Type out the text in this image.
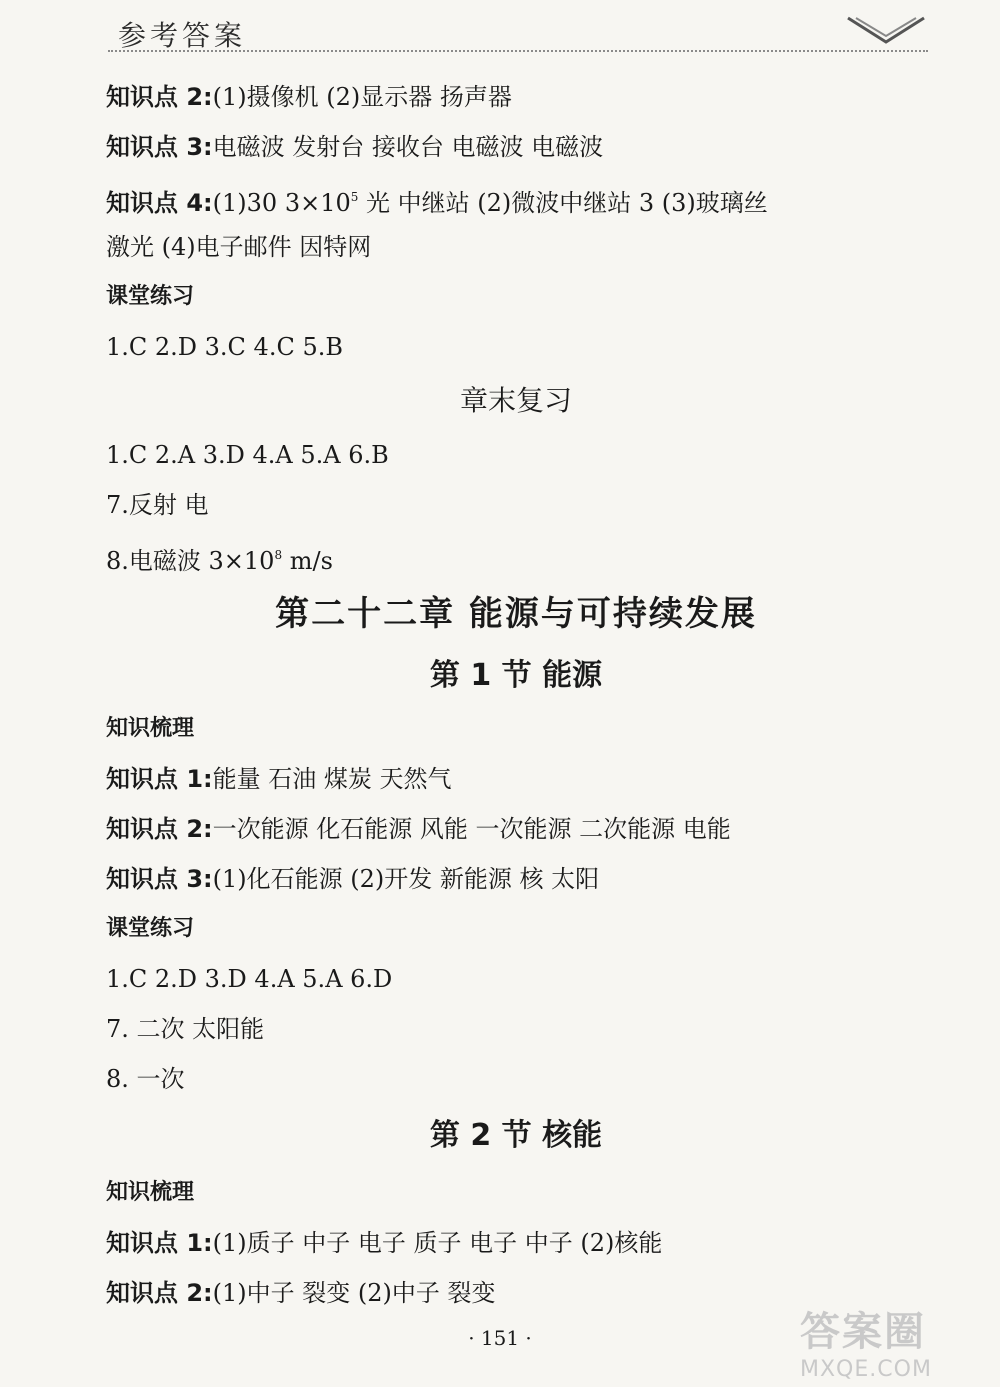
参考答案
知识点 2:(1)摄像机 (2)显示器 扬声器
知识点 3:电磁波 发射台 接收台 电磁波 电磁波
知识点 4:(1)30 $3\times 10^5$ 光 中继站 (2)微波中继站 3 (3)玻璃丝
激光 (4)电子邮件 因特网
课堂练习
1.C 2.D 3.C 4.C 5.B
章末复习
1.C 2.A 3.D 4.A 5.A 6.B
7.反射 电
8.电磁波 $3\times 10^8$ m/s
第二十二章 能源与可持续发展
第 1 节 能源
知识梳理
知识点 1:能量 石油 煤炭 天然气
知识点 2:一次能源 化石能源 风能 一次能源 二次能源 电能
知识点 3:(1)化石能源 (2)开发 新能源 核 太阳
课堂练习
1.C 2.D 3.D 4.A 5.A 6.D
7. 二次 太阳能
8. 一次
第 2 节 核能
知识梳理
知识点 1:(1)质子 中子 电子 质子 电子 中子 (2)核能
知识点 2:(1)中子 裂变 (2)中子 裂变
· 151 ·	答案圈
MXQE.COM
